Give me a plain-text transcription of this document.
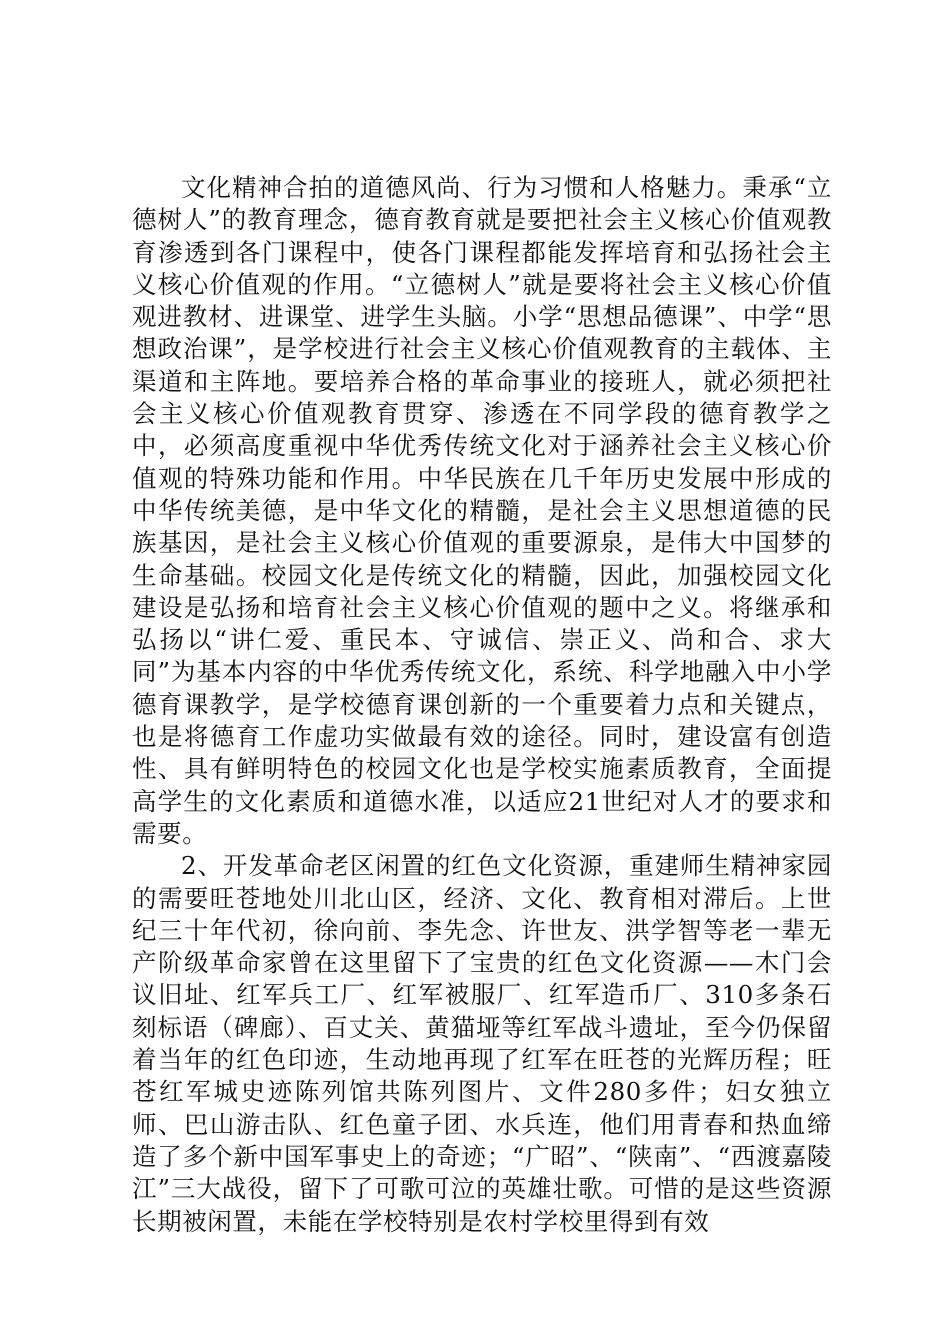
文化精神合拍的道德风尚、行为习惯和人格魅力。秉承“立德树人”的教育理念，德育教育就是要把社会主义核心价值观教育渗透到各门课程中，使各门课程都能发挥培育和弘扬社会主义核心价值观的作用。“立德树人”就是要将社会主义核心价值观进教材、进课堂、进学生头脑。小学“思想品德课”、中学“思想政治课”，是学校进行社会主义核心价值观教育的主载体、主渠道和主阵地。要培养合格的革命事业的接班人，就必须把社会主义核心价值观教育贯穿、渗透在不同学段的德育教学之中，必须高度重视中华优秀传统文化对于涵养社会主义核心价值观的特殊功能和作用。中华民族在几千年历史发展中形成的中华传统美德，是中华文化的精髓，是社会主义思想道德的民族基因，是社会主义核心价值观的重要源泉，是伟大中国梦的生命基础。校园文化是传统文化的精髓，因此，加强校园文化建设是弘扬和培育社会主义核心价值观的题中之义。将继承和弘扬以“讲仁爱、重民本、守诚信、崇正义、尚和合、求大同”为基本内容的中华优秀传统文化，系统、科学地融入中小学德育课教学，是学校德育课创新的一个重要着力点和关键点，也是将德育工作虚功实做最有效的途径。同时，建设富有创造性、具有鲜明特色的校园文化也是学校实施素质教育，全面提高学生的文化素质和道德水准，以适应21世纪对人才的要求和需要。

2、开发革命老区闲置的红色文化资源，重建师生精神家园的需要旺苍地处川北山区，经济、文化、教育相对滞后。上世纪三十年代初，徐向前、李先念、许世友、洪学智等老一辈无产阶级革命家曾在这里留下了宝贵的红色文化资源——木门会议旧址、红军兵工厂、红军被服厂、红军造币厂、310多条石刻标语（碑廊）、百丈关、黄猫垭等红军战斗遗址，至今仍保留着当年的红色印迹，生动地再现了红军在旺苍的光辉历程；旺苍红军城史迹陈列馆共陈列图片、文件280多件；妇女独立师、巴山游击队、红色童子团、水兵连，他们用青春和热血缔造了多个新中国军事史上的奇迹；“广昭”、“陕南”、“西渡嘉陵江”三大战役，留下了可歌可泣的英雄壮歌。可惜的是这些资源长期被闲置，未能在学校特别是农村学校里得到有效
